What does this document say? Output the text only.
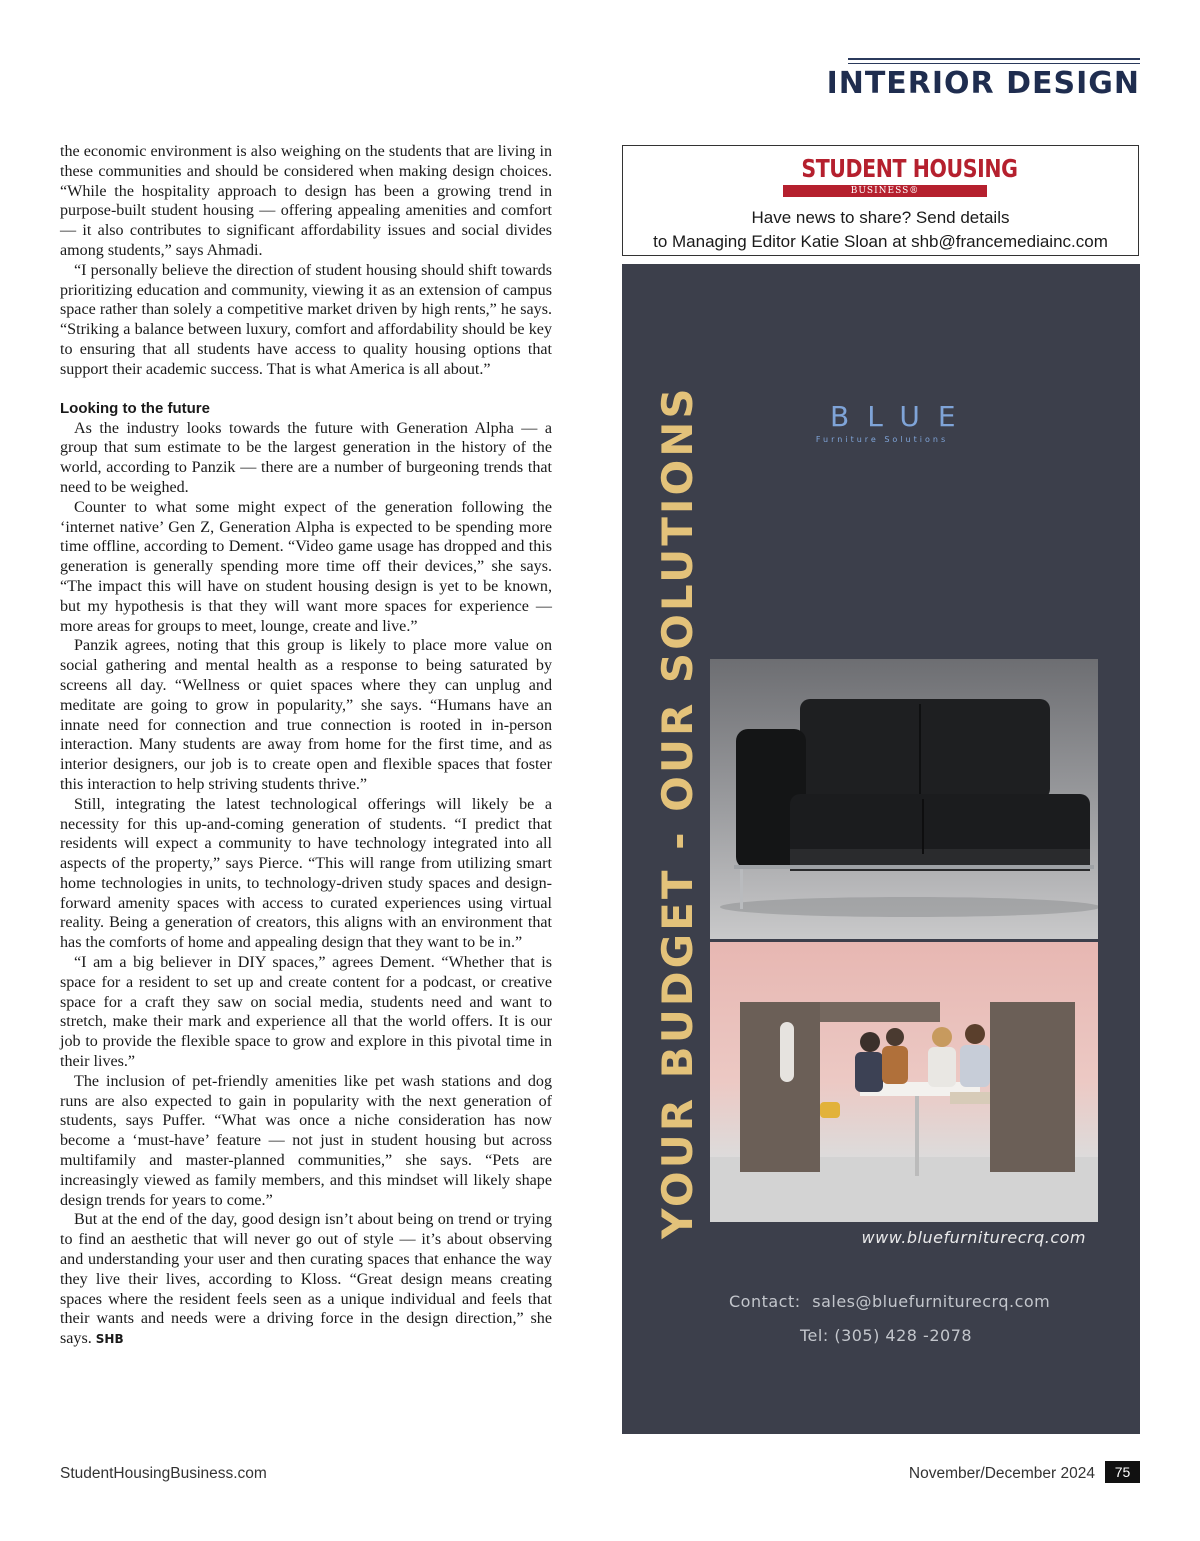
INTERIOR DESIGN

the economic environment is also weighing on the students that are living in these communities and should be considered when making design choices. “While the hospitality approach to design has been a growing trend in purpose-built student housing — offering appealing amenities and comfort — it also contributes to significant affordability issues and social divides among students,” says Ahmadi.

“I personally believe the direction of student housing should shift towards prioritizing education and community, viewing it as an extension of campus space rather than solely a competitive market driven by high rents,” he says. “Striking a balance between luxury, comfort and affordability should be key to ensuring that all students have access to quality housing options that support their academic success. That is what America is all about.”

Looking to the future

As the industry looks towards the future with Generation Alpha — a group that sum estimate to be the largest generation in the history of the world, according to Panzik — there are a number of burgeoning trends that need to be weighed.

Counter to what some might expect of the generation following the ‘internet native’ Gen Z, Generation Alpha is expected to be spending more time offline, according to Dement. “Video game usage has dropped and this generation is generally spending more time off their devices,” she says. “The impact this will have on student housing design is yet to be known, but my hypothesis is that they will want more spaces for experience — more areas for groups to meet, lounge, create and live.”

Panzik agrees, noting that this group is likely to place more value on social gathering and mental health as a response to being saturated by screens all day. “Wellness or quiet spaces where they can unplug and meditate are going to grow in popularity,” she says. “Humans have an innate need for connection and true connection is rooted in in-person interaction. Many students are away from home for the first time, and as interior designers, our job is to create open and flexible spaces that foster this interaction to help striving students thrive.”

Still, integrating the latest technological offerings will likely be a necessity for this up-and-coming generation of students. “I predict that residents will expect a community to have technology integrated into all aspects of the property,” says Pierce. “This will range from utilizing smart home technologies in units, to technology-driven study spaces and design-forward amenity spaces with access to curated experiences using virtual reality. Being a generation of creators, this aligns with an environment that has the comforts of home and appealing design that they want to be in.”

“I am a big believer in DIY spaces,” agrees Dement. “Whether that is space for a resident to set up and create content for a podcast, or creative space for a craft they saw on social media, students need and want to stretch, make their mark and experience all that the world offers. It is our job to provide the flexible space to grow and explore in this pivotal time in their lives.”

The inclusion of pet-friendly amenities like pet wash stations and dog runs are also expected to gain in popularity with the next generation of students, says Puffer. “What was once a niche consideration has now become a ‘must-have’ feature — not just in student housing but across multifamily and master-planned communities,” she says. “Pets are increasingly viewed as family members, and this mindset will likely shape design trends for years to come.”

But at the end of the day, good design isn’t about being on trend or trying to find an aesthetic that will never go out of style — it’s about observing and understanding your user and then curating spaces that enhance the way they live their lives, according to Kloss. “Great design means creating spaces where the resident feels seen as a unique individual and feels that their wants and needs were a driving force in the design direction,” she says. SHB

STUDENT HOUSING
BUSINESS®
Have news to share? Send details
to Managing Editor Katie Sloan at shb@francemediainc.com
BLUE
Furniture Solutions
YOUR BUDGET - OUR SOLUTIONS	www.bluefurniturecrq.com
Contact: sales@bluefurniturecrq.com
Tel: (305) 428 -2078
StudentHousingBusiness.com	November/December 2024	75
